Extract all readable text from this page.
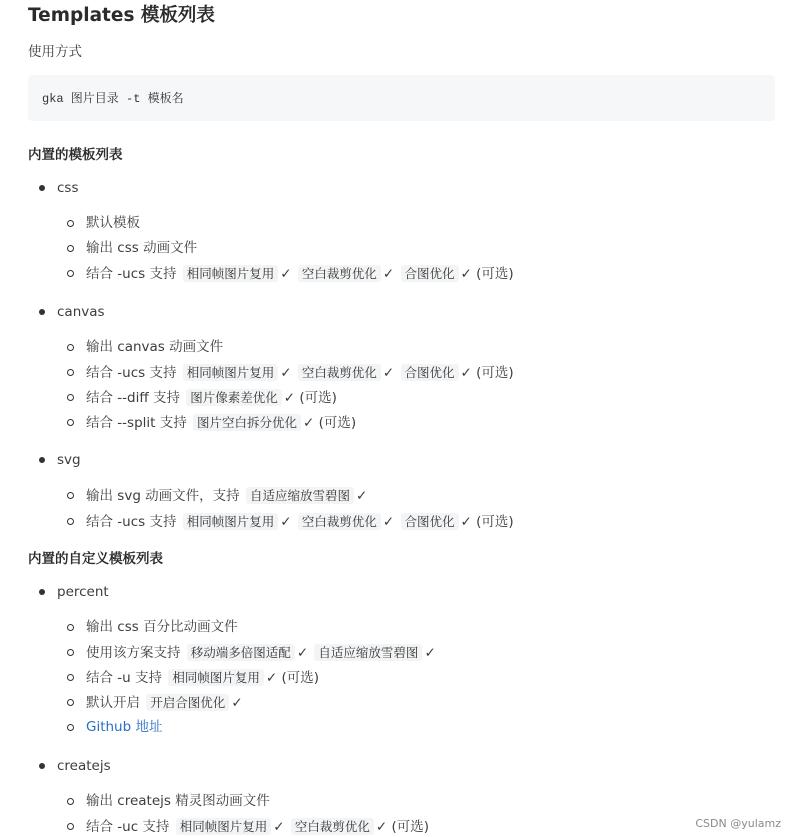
Templates 模板列表

使用方式

gka 图片目录 -t 模板名
内置的模板列表
css
默认模板
输出 css 动画文件
结合 -ucs 支持 相同帧图片复用 ✓ 空白裁剪优化 ✓ 合图优化 ✓ (可选)
canvas
输出 canvas 动画文件
结合 -ucs 支持 相同帧图片复用 ✓ 空白裁剪优化 ✓ 合图优化 ✓ (可选)
结合 --diff 支持 图片像素差优化 ✓ (可选)
结合 --split 支持 图片空白拆分优化 ✓ (可选)
svg
输出 svg 动画文件，支持 自适应缩放雪碧图 ✓
结合 -ucs 支持 相同帧图片复用 ✓ 空白裁剪优化 ✓ 合图优化 ✓ (可选)
内置的自定义模板列表
percent
输出 css 百分比动画文件
使用该方案支持 移动端多倍图适配 ✓ 自适应缩放雪碧图 ✓
结合 -u 支持 相同帧图片复用 ✓ (可选)
默认开启 开启合图优化 ✓
Github 地址
createjs
输出 createjs 精灵图动画文件
结合 -uc 支持 相同帧图片复用 ✓ 空白裁剪优化 ✓ (可选)	CSDN @yulamz
